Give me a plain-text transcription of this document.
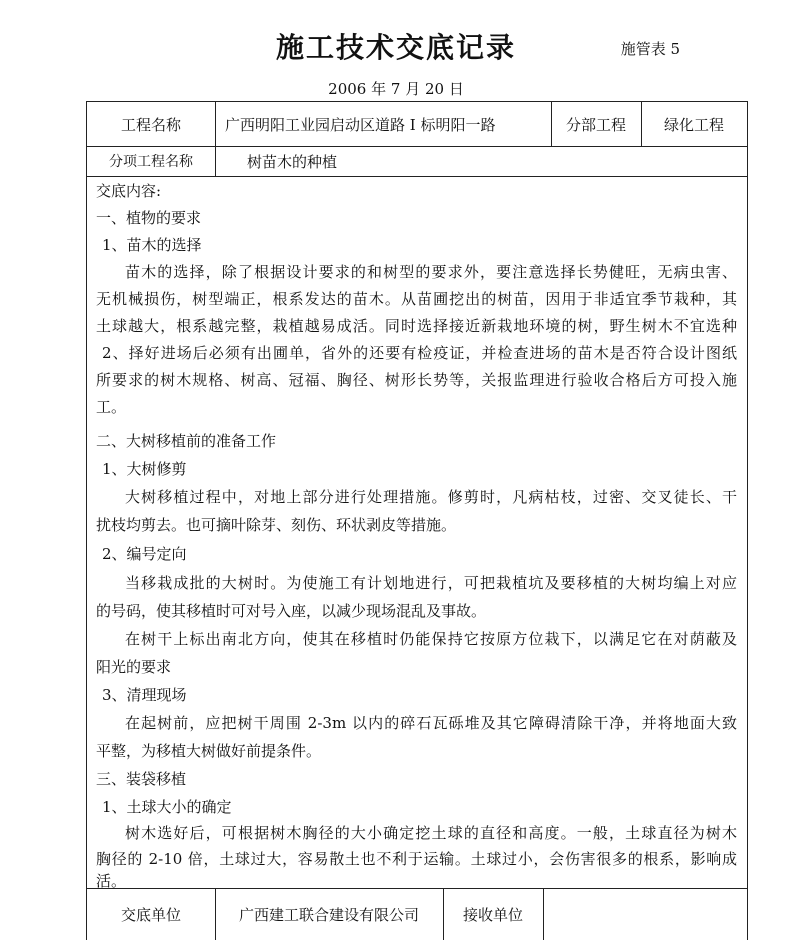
施工技术交底记录	施管表 5
2006 年 7 月 20 日
工程名称	广西明阳工业园启动区道路 I 标明阳一路	分部工程	绿化工程
分项工程名称	树苗木的种植
交底内容:
一、植物的要求
1、苗木的选择
苗木的选择，除了根据设计要求的和树型的要求外，要注意选择长势健旺，无病虫害、
无机械损伤，树型端正，根系发达的苗木。从苗圃挖出的树苗，因用于非适宜季节栽种，其
土球越大，根系越完整，栽植越易成活。同时选择接近新栽地环境的树，野生树木不宜选种
2、择好进场后必须有出圃单，省外的还要有检疫证，并检查进场的苗木是否符合设计图纸
所要求的树木规格、树高、冠福、胸径、树形长势等，关报监理进行验收合格后方可投入施
工。
二、大树移植前的准备工作
1、大树修剪
大树移植过程中，对地上部分进行处理措施。修剪时，凡病枯枝，过密、交叉徒长、干
扰枝均剪去。也可摘叶除芽、刻伤、环状剥皮等措施。
2、编号定向
当移栽成批的大树时。为使施工有计划地进行，可把栽植坑及要移植的大树均编上对应
的号码，使其移植时可对号入座，以减少现场混乱及事故。
在树干上标出南北方向，使其在移植时仍能保持它按原方位栽下，以满足它在对荫蔽及
阳光的要求
3、清理现场
在起树前，应把树干周围 2-3m 以内的碎石瓦砾堆及其它障碍清除干净，并将地面大致
平整，为移植大树做好前提条件。
三、装袋移植
1、土球大小的确定
树木选好后，可根据树木胸径的大小确定挖土球的直径和高度。一般，土球直径为树木
胸径的 2-10 倍，土球过大，容易散土也不利于运输。土球过小，会伤害很多的根系，影响成
活。
交底单位	广西建工联合建设有限公司	接收单位
